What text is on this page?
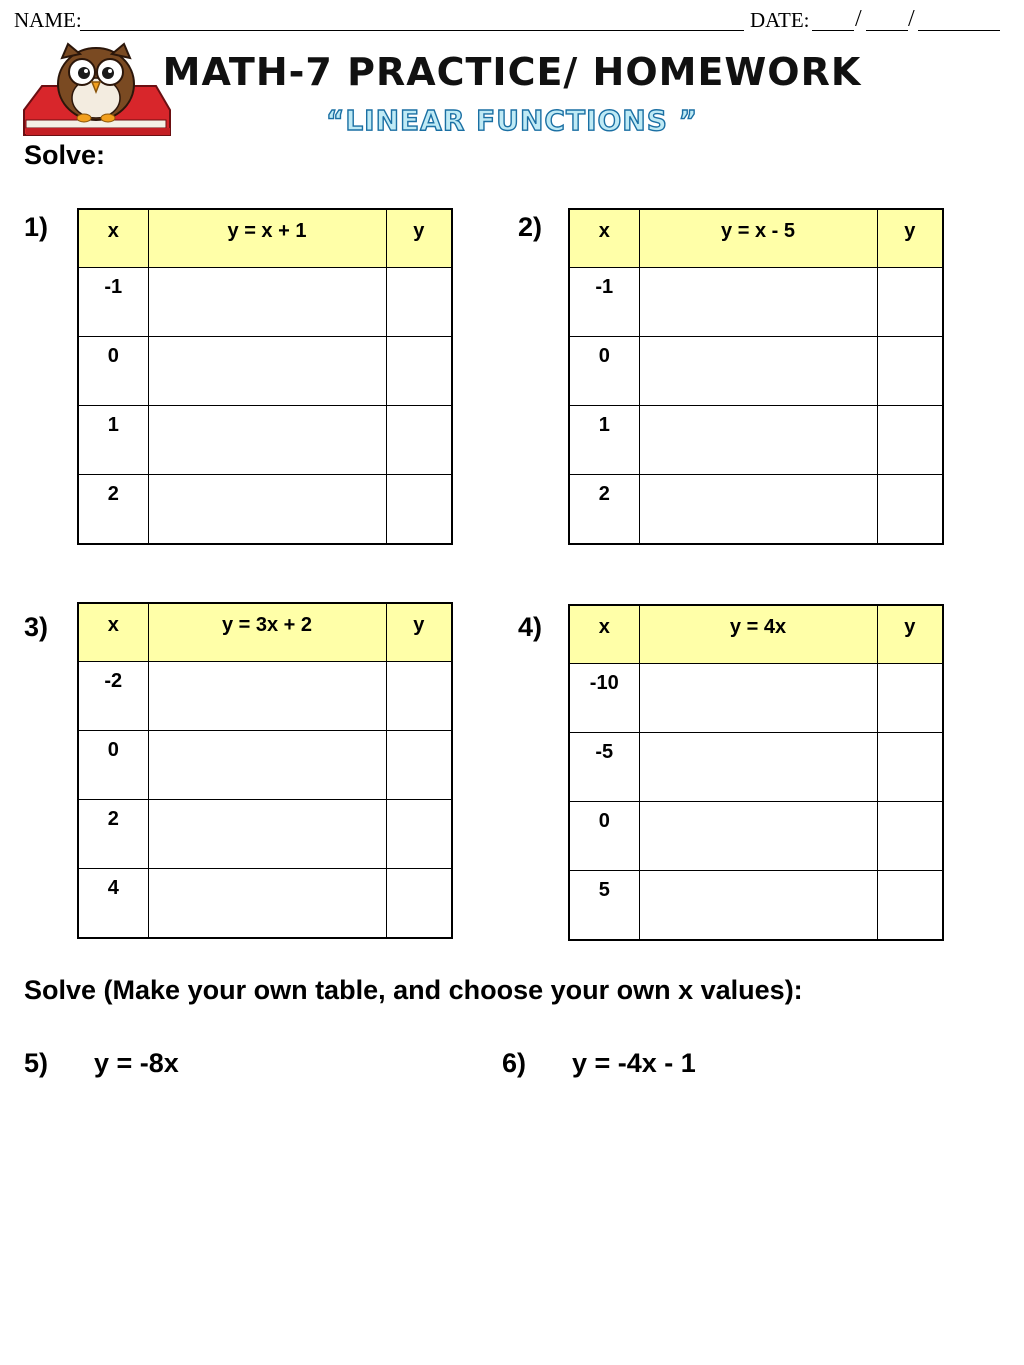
NAME:	DATE: / /
MATH-7 PRACTICE/ HOMEWORK
“LINEAR FUNCTIONS ”
Solve:
1)	x	y = x + 1	y
-1		
0		
1		
2		
2)	x	y = x - 5	y
-1		
0		
1		
2		
3)	x	y = 3x + 2	y
-2		
0		
2		
4		
4)	x	y = 4x	y
-10		
-5		
0		
5		
Solve (Make your own table, and choose your own x values):
5) y = -8x	6) y = -4x - 1
